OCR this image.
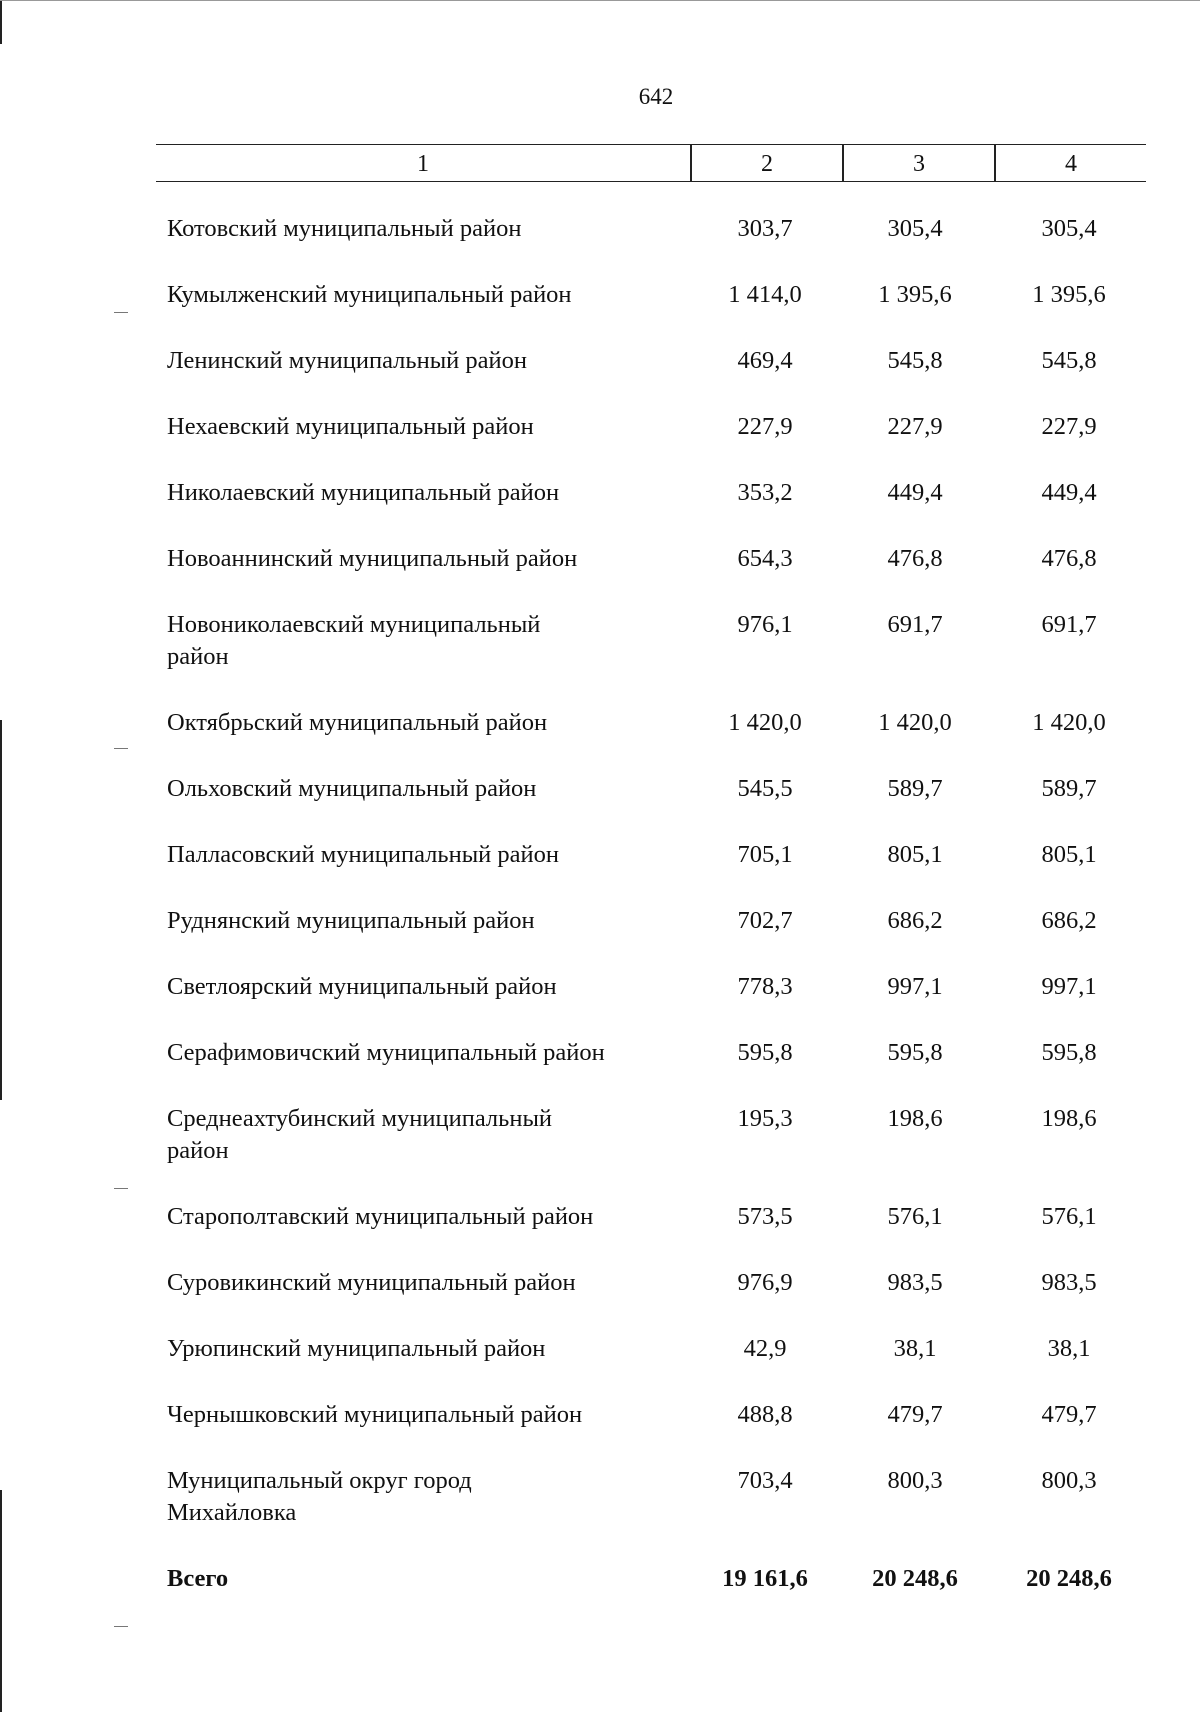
642
1	2	3	4
Котовский муниципальный район	303,7	305,4	305,4
Кумылженский муниципальный район	1 414,0	1 395,6	1 395,6
Ленинский муниципальный район	469,4	545,8	545,8
Нехаевский муниципальный район	227,9	227,9	227,9
Николаевский муниципальный район	353,2	449,4	449,4
Новоаннинский муниципальный район	654,3	476,8	476,8
Новониколаевский муниципальный
район
976,1	691,7	691,7
Октябрьский муниципальный район	1 420,0	1 420,0	1 420,0
Ольховский муниципальный район	545,5	589,7	589,7
Палласовский муниципальный район	705,1	805,1	805,1
Руднянский муниципальный район	702,7	686,2	686,2
Светлоярский муниципальный район	778,3	997,1	997,1
Серафимовичский муниципальный район	595,8	595,8	595,8
Среднеахтубинский муниципальный
район
195,3	198,6	198,6
Старополтавский муниципальный район	573,5	576,1	576,1
Суровикинский муниципальный район	976,9	983,5	983,5
Урюпинский муниципальный район	42,9	38,1	38,1
Чернышковский муниципальный район	488,8	479,7	479,7
Муниципальный округ город
Михайловка
703,4	800,3	800,3
Всего	19 161,6	20 248,6	20 248,6
